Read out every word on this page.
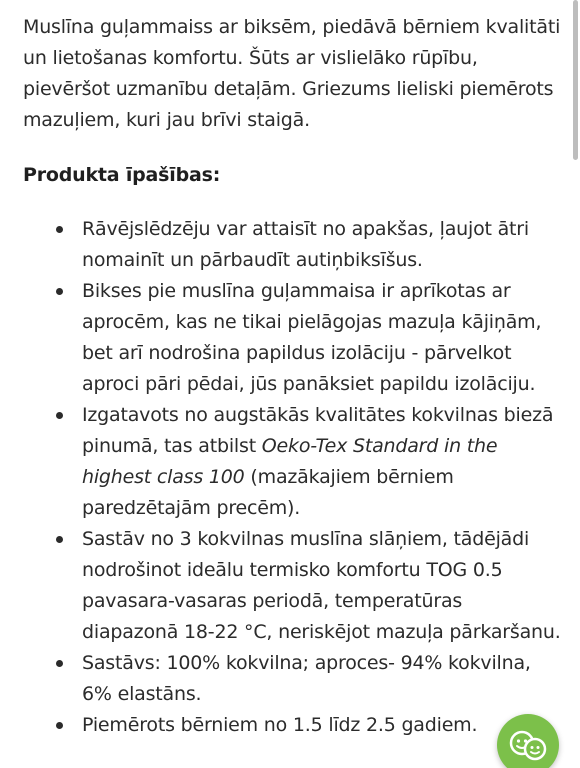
Muslīna guļammaiss ar biksēm, piedāvā bērniem kvalitāti un lietošanas komfortu. Šūts ar vislielāko rūpību, pievēršot uzmanību detaļām. Griezums lieliski piemērots mazuļiem, kuri jau brīvi staigā.

Produkta īpašības:
Rāvējslēdzēju var attaisīt no apakšas, ļaujot ātri nomainīt un pārbaudīt autiņbiksīšus.
Bikses pie muslīna guļammaisa ir aprīkotas ar aprocēm, kas ne tikai pielāgojas mazuļa kājiņām, bet arī nodrošina papildus izolāciju - pārvelkot aproci pāri pēdai, jūs panāksiet papildu izolāciju.
Izgatavots no augstākās kvalitātes kokvilnas biezā pinumā, tas atbilst Oeko-Tex Standard in the highest class 100 (mazākajiem bērniem paredzētajām precēm).
Sastāv no 3 kokvilnas muslīna slāņiem, tādējādi nodrošinot ideālu termisko komfortu TOG 0.5 pavasara-vasaras periodā, temperatūras diapazonā 18-22 °C, neriskējot mazuļa pārkaršanu.
Sastāvs: 100% kokvilna; aproces- 94% kokvilna, 6% elastāns.
Piemērots bērniem no 1.5 līdz 2.5 gadiem.
